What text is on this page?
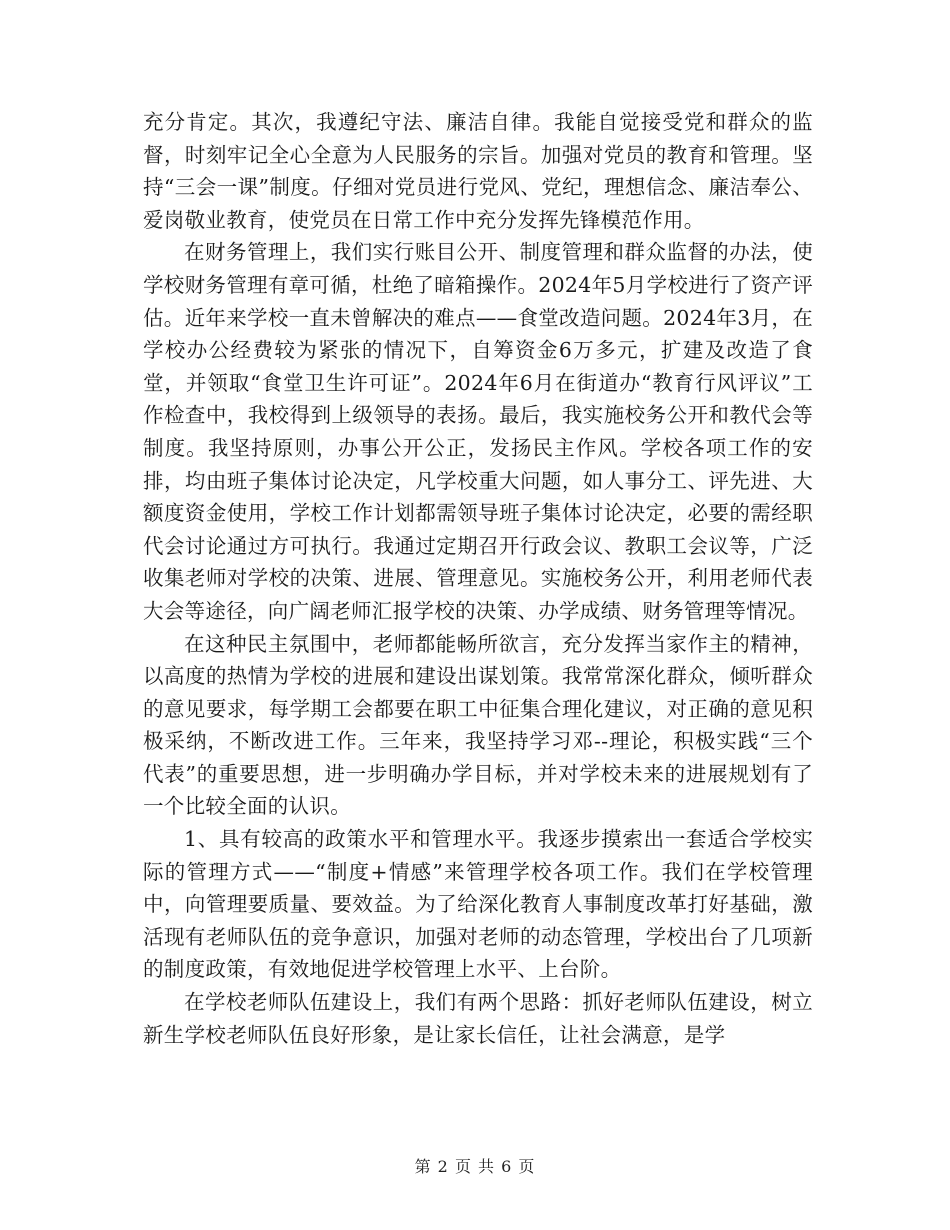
充分肯定。其次，我遵纪守法、廉洁自律。我能自觉接受党和群众的监督，时刻牢记全心全意为人民服务的宗旨。加强对党员的教育和管理。坚持“三会一课”制度。仔细对党员进行党风、党纪，理想信念、廉洁奉公、爱岗敬业教育，使党员在日常工作中充分发挥先锋模范作用。

在财务管理上，我们实行账目公开、制度管理和群众监督的办法，使学校财务管理有章可循，杜绝了暗箱操作。2024年5月学校进行了资产评估。近年来学校一直未曾解决的难点——食堂改造问题。2024年3月，在学校办公经费较为紧张的情况下，自筹资金6万多元，扩建及改造了食堂，并领取“食堂卫生许可证”。2024年6月在街道办“教育行风评议”工作检查中，我校得到上级领导的表扬。最后，我实施校务公开和教代会等制度。我坚持原则，办事公开公正，发扬民主作风。学校各项工作的安排，均由班子集体讨论决定，凡学校重大问题，如人事分工、评先进、大额度资金使用，学校工作计划都需领导班子集体讨论决定，必要的需经职代会讨论通过方可执行。我通过定期召开行政会议、教职工会议等，广泛收集老师对学校的决策、进展、管理意见。实施校务公开，利用老师代表大会等途径，向广阔老师汇报学校的决策、办学成绩、财务管理等情况。

在这种民主氛围中，老师都能畅所欲言，充分发挥当家作主的精神，以高度的热情为学校的进展和建设出谋划策。我常常深化群众，倾听群众的意见要求，每学期工会都要在职工中征集合理化建议，对正确的意见积极采纳，不断改进工作。三年来，我坚持学习邓--理论，积极实践“三个代表”的重要思想，进一步明确办学目标，并对学校未来的进展规划有了一个比较全面的认识。

1、具有较高的政策水平和管理水平。我逐步摸索出一套适合学校实际的管理方式——“制度+情感”来管理学校各项工作。我们在学校管理中，向管理要质量、要效益。为了给深化教育人事制度改革打好基础，激活现有老师队伍的竞争意识，加强对老师的动态管理，学校出台了几项新的制度政策，有效地促进学校管理上水平、上台阶。

在学校老师队伍建设上，我们有两个思路：抓好老师队伍建设，树立新生学校老师队伍良好形象，是让家长信任，让社会满意，是学

第 2 页 共 6 页
